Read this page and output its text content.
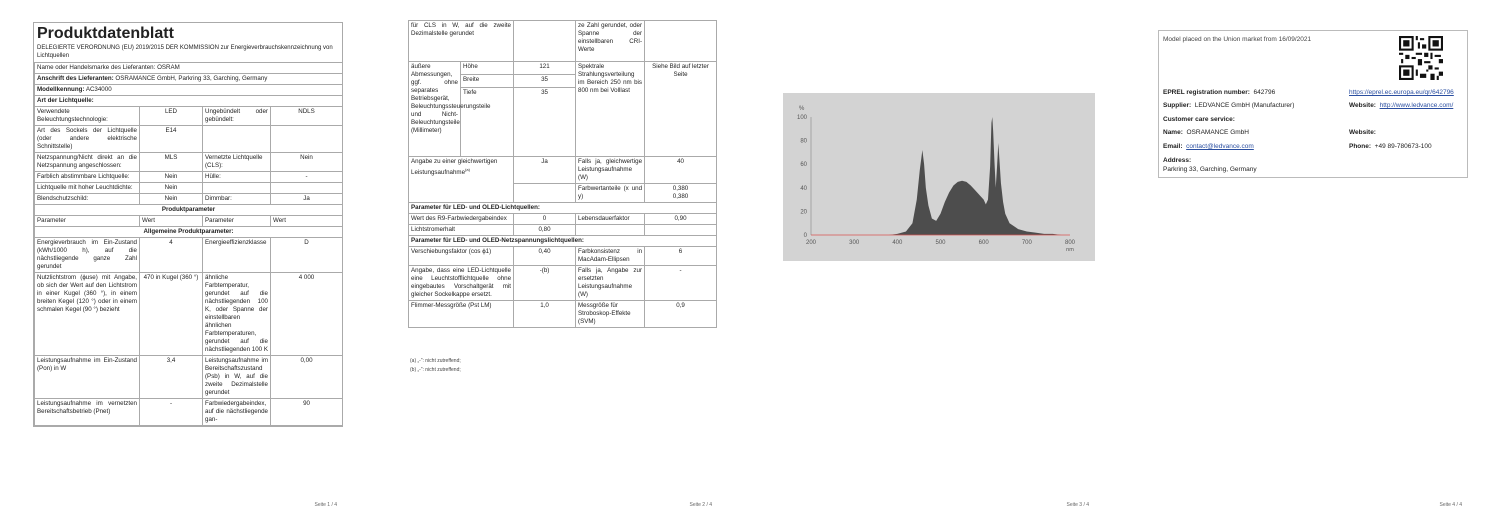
Produktdatenblatt
DELEGIERTE VERORDNUNG (EU) 2019/2015 DER KOMMISSION zur Energieverbrauchskennzeichnung von Lichtquellen
Name oder Handelsmarke des Lieferanten: OSRAM			
Anschrift des Lieferanten: OSRAMANCE GmbH, Parkring 33, Garching, Germany			
Modellkennung: AC34000			
Art der Lichtquelle:			
Verwendete Beleuchtungstechnologie:	LED	Ungebündelt oder gebündelt:	NDLS
Art des Sockels der Lichtquelle (oder andere elektrische Schnittstelle)	E14		
Netzspannung/Nicht direkt an die Netzspannung angeschlossen:	MLS	Vernetzte Lichtquelle (CLS):	Nein
Farblich abstimmbare Lichtquelle:	Nein	Hülle:	-
Lichtquelle mit hoher Leuchtdichte:	Nein		
Blendschutzschild:	Nein	Dimmbar:	Ja
Produktparameter			
Parameter	Wert	Parameter	Wert
Allgemeine Produktparameter:			
Energieverbrauch im Ein-Zustand (kWh/1000 h), auf die nächstliegende ganze Zahl gerundet	4	Energieeffizienzklasse	D
Nutzlichtstrom (ɸuse) mit Angabe, ob sich der Wert auf den Lichtstrom in einer Kugel (360 °), in einem breiten Kegel (120 °) oder in einem schmalen Kegel (90 °) bezieht	470 in Kugel (360 °)	ähnliche Farbtemperatur, gerundet auf die nächstliegenden 100 K, oder Spanne der einstellbaren ähnlichen Farbtemperaturen, gerundet auf die nächstliegenden 100 K	4 000
Leistungsaufnahme im Ein-Zustand (Pon) in W	3,4	Leistungsaufnahme im Bereitschaftszustand (Psb) in W, auf die zweite Dezimalstelle gerundet	0,00
Leistungsaufnahme im vernetzten Bereitschaftsbetrieb (Pnet)	-	Farbwiedergabeindex, auf die nächstliegende gan-	90
Seite 1 / 4
für CLS in W, auf die zweite Dezimalstelle gerundet			ze Zahl gerundet, oder Spanne der einstellbaren CRI-Werte	
äußere Abmessungen, ggf. ohne separates Betriebsgerät, Beleuchtungssteuerungsteile und Nicht-Beleuchtungsteile (Millimeter)	Höhe	121	Spektrale Strahlungsverteilung im Bereich 250 nm bis 800 nm bei Volllast	Siehe Bild auf letzter Seite
	Breite	35		
	Tiefe	35		
Angabe zu einer gleichwertigen Leistungsaufnahme$^{(a)}$		Ja	Falls ja, gleichwertige Leistungsaufnahme (W)	40
			Farbwertanteile (x und y)	0,380
0,380

Parameter für LED- und OLED-Lichtquellen:				
Wert des R9-Farbwiedergabeindex		0	Lebensdauerfaktor	0,90
Lichtstromerhalt		0,80		
Parameter für LED- und OLED-Netzspannungslichtquellen:				
Verschiebungsfaktor (cos ϕ1)		0,40	Farbkonsistenz in MacAdam-Ellipsen	6
Angabe, dass eine LED-Lichtquelle eine Leuchtstofflichtquelle ohne eingebautes Vorschaltgerät mit gleicher Sockelkappe ersetzt.		-(b)	Falls ja, Angabe zur ersetzten Leistungsaufnahme (W)	-
Flimmer-Messgröße (Pst LM)		1,0	Messgröße für Stroboskop-Effekte (SVM)	0,9
(a) „-“: nicht zutreffend;
(b) „-“: nicht zutreffend;
Seite 2 / 4
0
20
40
60
80
100
200	300	400	500	600	700	800
%
nm
Seite 3 / 4
Model placed on the Union market from 16/09/2021
EPREL registration number: 642796	https://eprel.ec.europa.eu/qr/642796
Supplier: LEDVANCE GmbH (Manufacturer)	Website: http://www.ledvance.com/
Customer care service:
Name: OSRAMANCE GmbH	Website:
Email: contact@ledvance.com	Phone: +49 89-780673-100
Address:
Parkring 33, Garching, Germany
Seite 4 / 4
